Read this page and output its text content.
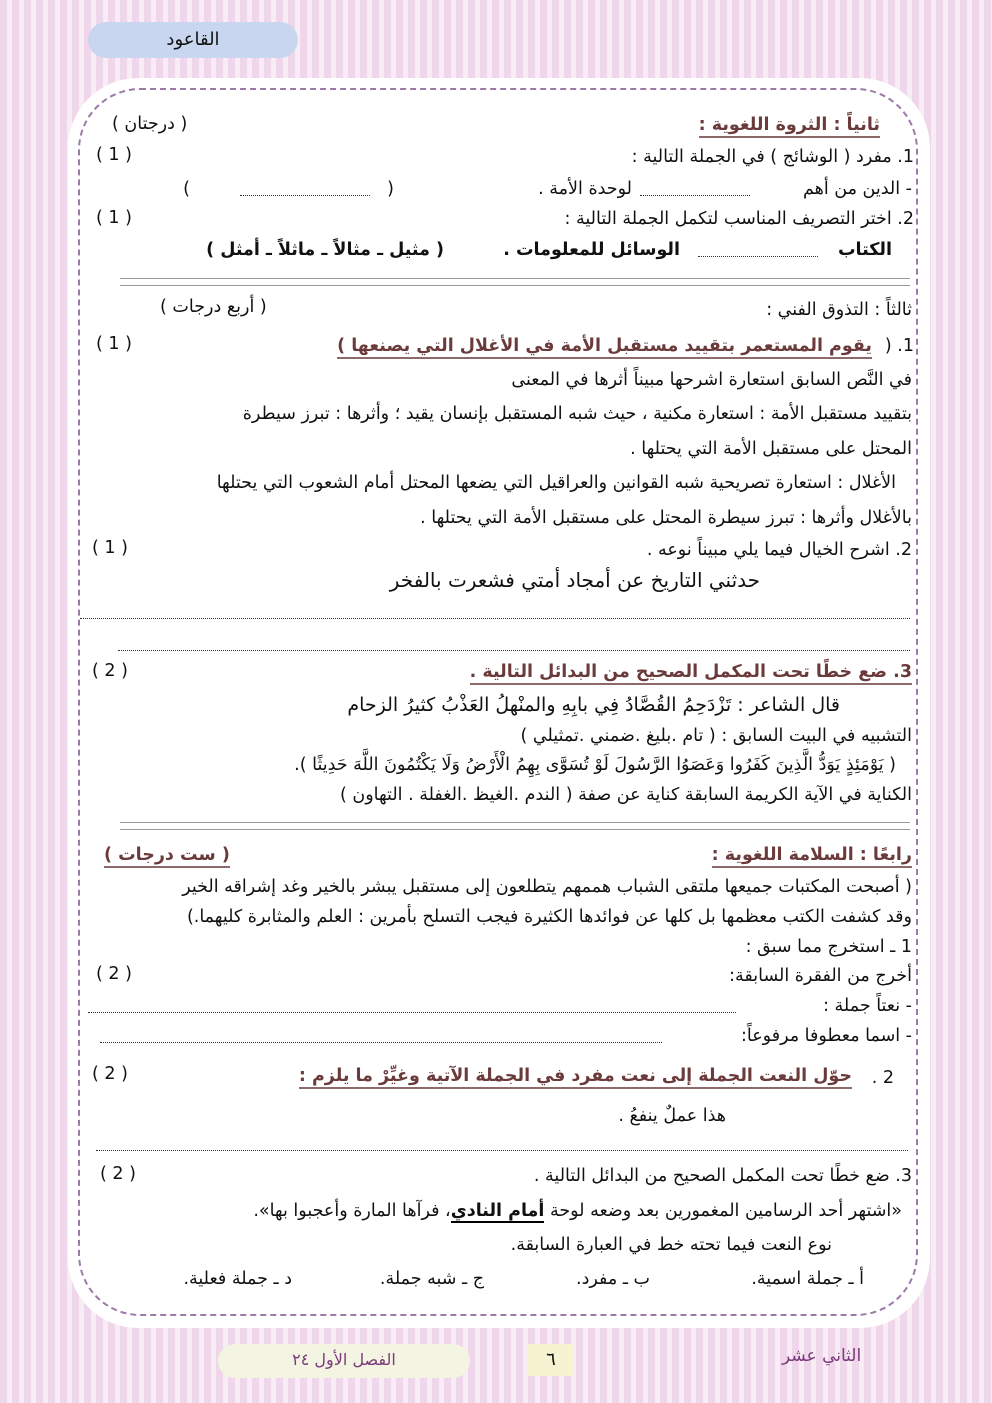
القاعود
ثانياً : الثروة اللغوية :
( درجتان )
1. مفرد ( الوشائج ) في الجملة التالية :
( 1 )
- الدين من أهم
لوحدة الأمة .
(
)
2. اختر التصريف المناسب لتكمل الجملة التالية :
( 1 )
الكتاب
الوسائل للمعلومات .
( مثيل ـ مثالاً ـ ماثلاً ـ أمثل )
ثالثاً : التذوق الفني :
( أربع درجات )
1. (
يقوم المستعمر بتقييد مستقبل الأمة في الأغلال التي يصنعها )
( 1 )
في النَّص السابق استعارة اشرحها مبيناً أثرها في المعنى
بتقييد مستقبل الأمة : استعارة مكنية ، حيث شبه المستقبل بإنسان يقيد ؛ وأثرها : تبرز سيطرة
المحتل على مستقبل الأمة التي يحتلها .
الأغلال : استعارة تصريحية شبه القوانين والعراقيل التي يضعها المحتل أمام الشعوب التي يحتلها
بالأغلال وأثرها : تبرز سيطرة المحتل على مستقبل الأمة التي يحتلها .
2. اشرح الخيال فيما يلي مبيناً نوعه .
( 1 )
حدثني التاريخ عن أمجاد أمتي فشعرت بالفخر
3. ضع خطًا تحت المكمل الصحيح من البدائل التالية .
( 2 )
قال الشاعر : تَزْدَحِمُ القُصَّادُ فِي بابِهِ والمنْهلُ العَذْبُ كثيرُ الزحام
التشبيه في البيت السابق : ( تام .بليغ .ضمني .تمثيلي )
( يَوْمَئِذٍ يَوَدُّ الَّذِينَ كَفَرُوا وَعَصَوُا الرَّسُولَ لَوْ تُسَوَّى بِهِمُ الْأَرْضُ وَلَا يَكْتُمُونَ اللَّهَ حَدِيثًا ).
الكناية في الآية الكريمة السابقة كناية عن صفة ( الندم .الغيظ .الغفلة . التهاون )
رابعًا : السلامة اللغوية :
( ست درجات )
( أصبحت المكتبات جميعها ملتقى الشباب هممهم يتطلعون إلى مستقبل يبشر بالخير وغد إشراقه الخير
وقد كشفت الكتب معظمها بل كلها عن فوائدها الكثيرة فيجب التسلح بأمرين : العلم والمثابرة كليهما.)
1 ـ استخرج مما سبق :
أخرج من الفقرة السابقة:
( 2 )
- نعتاً جملة :
- اسما معطوفا مرفوعاً:
2 .
حوّل النعت الجملة إلى نعت مفرد في الجملة الآتية وغيِّرْ ما يلزم :
( 2 )
هذا عملٌ ينفعُ .
3. ضع خطًا تحت المكمل الصحيح من البدائل التالية .
( 2 )
«اشتهر أحد الرسامين المغمورين بعد وضعه لوحة أمام النادي، فرآها المارة وأعجبوا بها».
نوع النعت فيما تحته خط في العبارة السابقة.
أ ـ جملة اسمية.
ب ـ مفرد.
ج ـ شبه جملة.
د ـ جملة فعلية.
الفصل الأول ٢٤	٦	الثاني عشر
